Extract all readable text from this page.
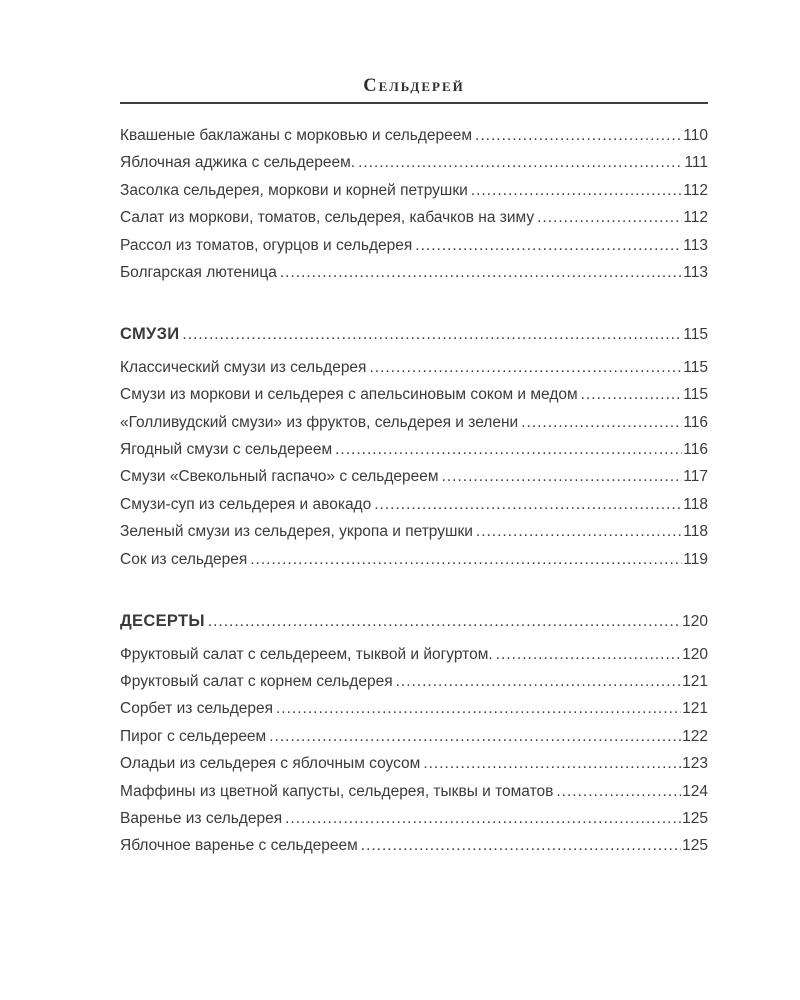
Сельдерей
Квашеные баклажаны с морковью и сельдереем .....	110
Яблочная аджика с сельдереем. .....	111
Засолка сельдерея, моркови и корней петрушки .....	112
Салат из моркови, томатов, сельдерея, кабачков на зиму .....	112
Рассол из томатов, огурцов и сельдерея .....	113
Болгарская лютеница .....	113
СМУЗИ .....	115
Классический смузи из сельдерея .....	115
Смузи из моркови и сельдерея с апельсиновым соком и медом .....	115
«Голливудский смузи» из фруктов, сельдерея и зелени .....	116
Ягодный смузи с сельдереем .....	116
Смузи «Свекольный гаспачо» с сельдереем .....	117
Смузи-суп из сельдерея и авокадо .....	118
Зеленый смузи из сельдерея, укропа и петрушки .....	118
Сок из сельдерея .....	119
ДЕСЕРТЫ .....	120
Фруктовый салат с сельдереем, тыквой и йогуртом. .....	120
Фруктовый салат с корнем сельдерея .....	121
Сорбет из сельдерея .....	121
Пирог с сельдереем .....	122
Оладьи из сельдерея с яблочным соусом .....	123
Маффины из цветной капусты, сельдерея, тыквы и томатов .....	124
Варенье из сельдерея .....	125
Яблочное варенье с сельдереем .....	125
